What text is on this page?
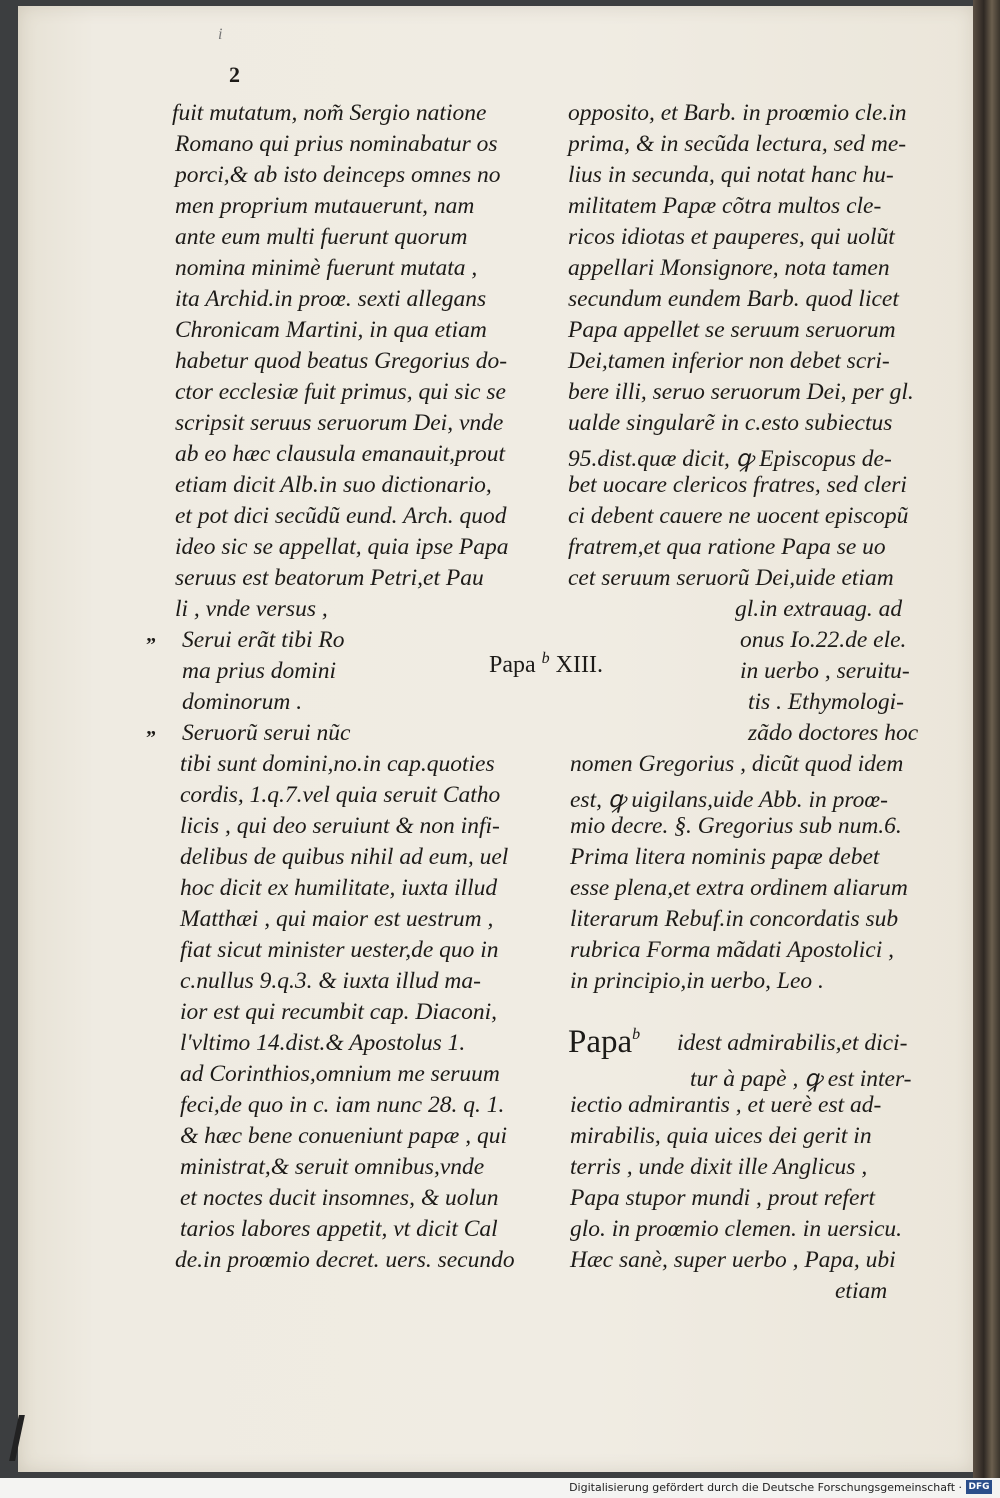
i
2
fuit mutatum, nom̃ Sergio natione
Romano qui prius nominabatur os
porci,& ab isto deinceps omnes no
men proprium mutauerunt, nam
ante eum multi fuerunt quorum
nomina minimè fuerunt mutata ,
ita Archid.in proœ. sexti allegans
Chronicam Martini, in qua etiam
habetur quod beatus Gregorius do-
ctor ecclesiæ fuit primus, qui sic se
scripsit seruus seruorum Dei, vnde
ab eo hæc clausula emanauit,prout
etiam dicit Alb.in suo dictionario,
et pot dici secũdũ eund. Arch. quod
ideo sic se appellat, quia ipse Papa
seruus est beatorum Petri,et Pau
li , vnde versus ,
” Serui erãt tibi Ro
ma prius domini
dominorum .
” Seruorũ serui nũc
Papa $^b$ XIII.
tibi sunt domini,no.in cap.quoties
cordis, 1.q.7.vel quia seruit Catho
licis , qui deo seruiunt & non infi-
delibus de quibus nihil ad eum, uel
hoc dicit ex humilitate, iuxta illud
Matthæi , qui maior est uestrum ,
fiat sicut minister uester,de quo in
c.nullus 9.q.3. & iuxta illud ma-
ior est qui recumbit cap. Diaconi,
l'vltimo 14.dist.& Apostolus 1.
ad Corinthios,omnium me seruum
feci,de quo in c. iam nunc 28. q. 1.
& hæc bene conueniunt papæ , qui
ministrat,& seruit omnibus,vnde
et noctes ducit insomnes, & uolun
tarios labores appetit, vt dicit Cal
de.in proœmio decret. uers. secundo
opposito, et Barb. in proœmio cle.in
prima, & in secũda lectura, sed me-
lius in secunda, qui notat hanc hu-
militatem Papæ cõtra multos cle-
ricos idiotas et pauperes, qui uolũt
appellari Monsignore, nota tamen
secundum eundem Barb. quod licet
Papa appellet se seruum seruorum
Dei,tamen inferior non debet scri-
bere illi, seruo seruorum Dei, per gl.
ualde singularẽ in c.esto subiectus
95.dist.quæ dicit, ꝙ Episcopus de-
bet uocare clericos fratres, sed cleri
ci debent cauere ne uocent episcopũ
fratrem,et qua ratione Papa se uo
cet seruum seruorũ Dei,uide etiam
gl.in extrauag. ad
onus Io.22.de ele.
in uerbo , seruitu-
tis . Ethymologi-
zãdo doctores hoc
nomen Gregorius , dicũt quod idem
est, ꝙ uigilans,uide Abb. in proœ-
mio decre. §. Gregorius sub num.6.
Prima litera nominis papæ debet
esse plena,et extra ordinem aliarum
literarum Rebuf.in concordatis sub
rubrica Forma mãdati Apostolici ,
in principio,in uerbo, Leo .
Papa$^b$ idest admirabilis,et dici-
tur à papè , ꝙ est inter-
iectio admirantis , et uerè est ad-
mirabilis, quia uices dei gerit in
terris , unde dixit ille Anglicus ,
Papa stupor mundi , prout refert
glo. in proœmio clemen. in uersicu.
Hæc sanè, super uerbo , Papa, ubi
etiam
Digitalisierung gefördert durch die Deutsche Forschungsgemeinschaft · DFG
